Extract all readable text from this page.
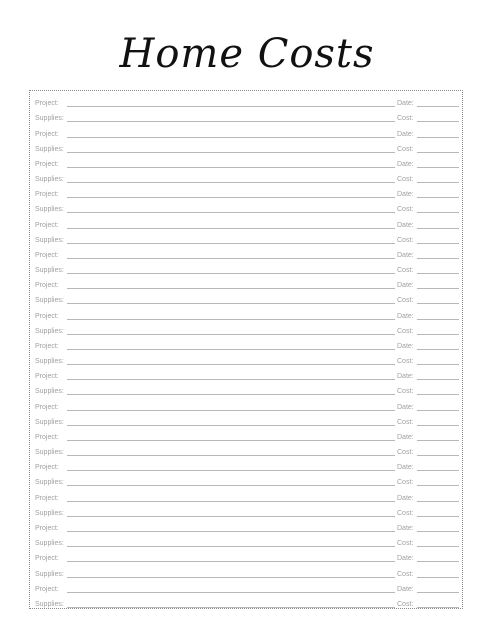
Home Costs
Project:	Date:
Supplies:	Cost:
Project:	Date:
Supplies:	Cost:
Project:	Date:
Supplies:	Cost:
Project:	Date:
Supplies:	Cost:
Project:	Date:
Supplies:	Cost:
Project:	Date:
Supplies:	Cost:
Project:	Date:
Supplies:	Cost:
Project:	Date:
Supplies:	Cost:
Project:	Date:
Supplies:	Cost:
Project:	Date:
Supplies:	Cost:
Project:	Date:
Supplies:	Cost:
Project:	Date:
Supplies:	Cost:
Project:	Date:
Supplies:	Cost:
Project:	Date:
Supplies:	Cost:
Project:	Date:
Supplies:	Cost:
Project:	Date:
Supplies:	Cost:
Project:	Date:
Supplies:	Cost:
